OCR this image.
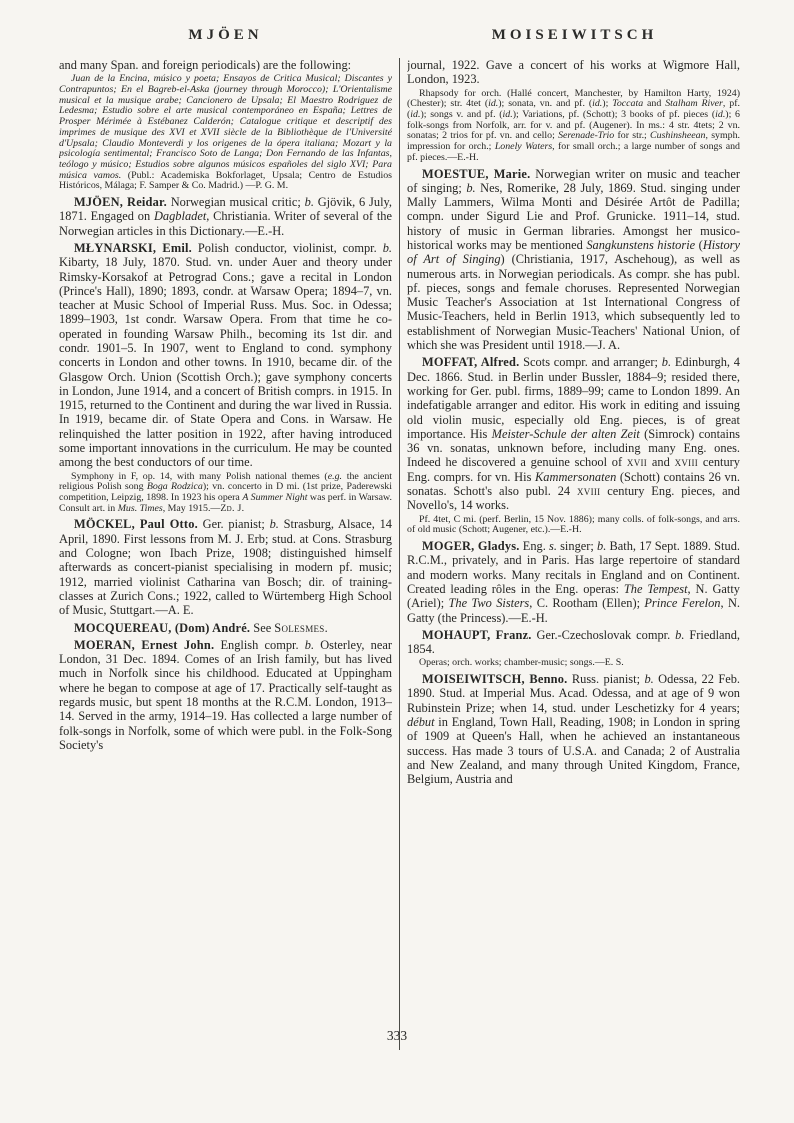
MJÖEN	MOISEIWITSCH

and many Span. and foreign periodicals) are the following:

Juan de la Encina, músico y poeta; Ensayos de Critica Musical; Discantes y Contrapuntos; En el Bagreb-el-Aska (journey through Morocco); L'Orientalisme musical et la musique arabe; Cancionero de Upsala; El Maestro Rodriguez de Ledesma; Estudio sobre el arte musical contemporáneo en España; Lettres de Prosper Mérimée à Estébanez Calderón; Catalogue critique et descriptif des imprimes de musique des XVI et XVII siècle de la Bibliothèque de l'Université d'Upsala; Claudio Monteverdi y los origenes de la ópera italiana; Mozart y la psicología sentimental; Francisco Soto de Langa; Don Fernando de las Infantas, teólogo y músico; Estudios sobre algunos músicos españoles del siglo XVI; Para música vamos. (Publ.: Academiska Bokforlaget, Upsala; Centro de Estudios Históricos, Málaga; F. Samper & Co. Madrid.) —P. G. M.

MJÖEN, Reidar. Norwegian musical critic; b. Gjövik, 6 July, 1871. Engaged on Dagbladet, Christiania. Writer of several of the Norwegian articles in this Dictionary.—E.-H.

MŁYNARSKI, Emil. Polish conductor, violinist, compr. b. Kibarty, 18 July, 1870. Stud. vn. under Auer and theory under Rimsky-Korsakof at Petrograd Cons.; gave a recital in London (Prince's Hall), 1890; 1893, condr. at Warsaw Opera; 1894–7, vn. teacher at Music School of Imperial Russ. Mus. Soc. in Odessa; 1899–1903, 1st condr. Warsaw Opera. From that time he co-operated in founding Warsaw Philh., becoming its 1st dir. and condr. 1901–5. In 1907, went to England to cond. symphony concerts in London and other towns. In 1910, became dir. of the Glasgow Orch. Union (Scottish Orch.); gave symphony concerts in London, June 1914, and a concert of British comprs. in 1915. In 1915, returned to the Continent and during the war lived in Russia. In 1919, became dir. of State Opera and Cons. in Warsaw. He relinquished the latter position in 1922, after having introduced some important innovations in the curriculum. He may be counted among the best conductors of our time.

Symphony in F, op. 14, with many Polish national themes (e.g. the ancient religious Polish song Boga Rodzica); vn. concerto in D mi. (1st prize, Paderewski competition, Leipzig, 1898. In 1923 his opera A Summer Night was perf. in Warsaw. Consult art. in Mus. Times, May 1915.—Zd. J.

MÖCKEL, Paul Otto. Ger. pianist; b. Strasburg, Alsace, 14 April, 1890. First lessons from M. J. Erb; stud. at Cons. Strasburg and Cologne; won Ibach Prize, 1908; distinguished himself afterwards as concert-pianist specialising in modern pf. music; 1912, married violinist Catharina van Bosch; dir. of training-classes at Zurich Cons.; 1922, called to Würtemberg High School of Music, Stuttgart.—A. E.

MOCQUEREAU, (Dom) André. See Solesmes.

MOERAN, Ernest John. English compr. b. Osterley, near London, 31 Dec. 1894. Comes of an Irish family, but has lived much in Norfolk since his childhood. Educated at Uppingham where he began to compose at age of 17. Practically self-taught as regards music, but spent 18 months at the R.C.M. London, 1913–14. Served in the army, 1914–19. Has collected a large number of folk-songs in Norfolk, some of which were publ. in the Folk-Song Society's

journal, 1922. Gave a concert of his works at Wigmore Hall, London, 1923.

Rhapsody for orch. (Hallé concert, Manchester, by Hamilton Harty, 1924) (Chester); str. 4tet (id.); sonata, vn. and pf. (id.); Toccata and Stalham River, pf. (id.); songs v. and pf. (id.); Variations, pf. (Schott); 3 books of pf. pieces (id.); 6 folk-songs from Norfolk, arr. for v. and pf. (Augener). In ms.: 4 str. 4tets; 2 vn. sonatas; 2 trios for pf. vn. and cello; Serenade-Trio for str.; Cushinsheean, symph. impression for orch.; Lonely Waters, for small orch.; a large number of songs and pf. pieces.—E.-H.

MOESTUE, Marie. Norwegian writer on music and teacher of singing; b. Nes, Romerike, 28 July, 1869. Stud. singing under Mally Lammers, Wilma Monti and Désirée Artôt de Padilla; compn. under Sigurd Lie and Prof. Grunicke. 1911–14, stud. history of music in German libraries. Amongst her musico-historical works may be mentioned Sangkunstens historie (History of Art of Singing) (Christiania, 1917, Aschehoug), as well as numerous arts. in Norwegian periodicals. As compr. she has publ. pf. pieces, songs and female choruses. Represented Norwegian Music Teacher's Association at 1st International Congress of Music-Teachers, held in Berlin 1913, which subsequently led to establishment of Norwegian Music-Teachers' National Union, of which she was President until 1918.—J. A.

MOFFAT, Alfred. Scots compr. and arranger; b. Edinburgh, 4 Dec. 1866. Stud. in Berlin under Bussler, 1884–9; resided there, working for Ger. publ. firms, 1889–99; came to London 1899. An indefatigable arranger and editor. His work in editing and issuing old violin music, especially old Eng. pieces, is of great importance. His Meister-Schule der alten Zeit (Simrock) contains 36 vn. sonatas, unknown before, including many Eng. ones. Indeed he discovered a genuine school of xvii and xviii century Eng. comprs. for vn. His Kammersonaten (Schott) contains 26 vn. sonatas. Schott's also publ. 24 xviii century Eng. pieces, and Novello's, 14 works.

Pf. 4tet, C mi. (perf. Berlin, 15 Nov. 1886); many colls. of folk-songs, and arrs. of old music (Schott; Augener, etc.).—E.-H.

MOGER, Gladys. Eng. s. singer; b. Bath, 17 Sept. 1889. Stud. R.C.M., privately, and in Paris. Has large repertoire of standard and modern works. Many recitals in England and on Continent. Created leading rôles in the Eng. operas: The Tempest, N. Gatty (Ariel); The Two Sisters, C. Rootham (Ellen); Prince Ferelon, N. Gatty (the Princess).—E.-H.

MOHAUPT, Franz. Ger.-Czechoslovak compr. b. Friedland, 1854.

Operas; orch. works; chamber-music; songs.—E. S.

MOISEIWITSCH, Benno. Russ. pianist; b. Odessa, 22 Feb. 1890. Stud. at Imperial Mus. Acad. Odessa, and at age of 9 won Rubinstein Prize; when 14, stud. under Leschetizky for 4 years; début in England, Town Hall, Reading, 1908; in London in spring of 1909 at Queen's Hall, when he achieved an instantaneous success. Has made 3 tours of U.S.A. and Canada; 2 of Australia and New Zealand, and many through United Kingdom, France, Belgium, Austria and

333
